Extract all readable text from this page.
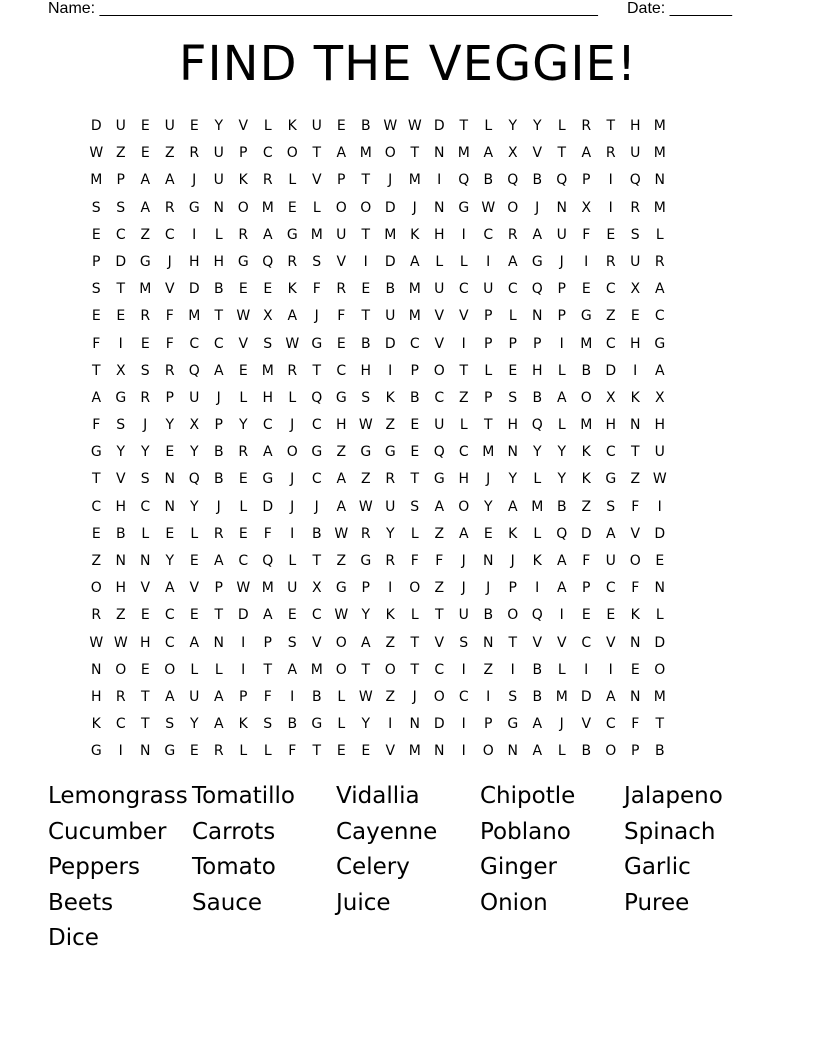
Name: ________________________________________________________ Date: _______
FIND THE VEGGIE!
D U	E	U	E	Y	V	L	K	U	E	B W W D	T	L	Y	Y	L	R	T	H M
W Z	E	Z	R	U	P	C	O	T	A M O	T	N M A	X	V	T	A	R	U M
M	P	A	A	J	U	K	R	L	V	P	T	J	M	I	Q	B	Q	B	Q	P	I	Q N
S	S	A	R	G N O M	E	L	O O D	J	N G W O	J	N	X	I	R M
E	C	Z	C	I	L	R	A	G M U	T	M K	H	I	C	R	A	U	F	E	S	L
P	D G	J	H H G Q	R	S	V	I	D	A	L	L	I	A	G	J	I	R	U	R
S	T	M V	D	B	E	E	K	F	R	E	B M U	C	U	C	Q	P	E	C	X	A
E	E	R	F	M	T W X	A	J	F	T	U M V	V	P	L	N	P	G	Z	E	C
F	I	E	F	C	C	V	S W G	E	B	D	C	V	I	P	P	P	I	M C	H G
T	X	S	R	Q	A	E	M R	T	C	H	I	P	O	T	L	E	H	L	B	D	I	A
A	G	R	P	U	J	L	H	L	Q G	S	K	B	C	Z	P	S	B	A	O	X	K	X
F	S	J	Y	X	P	Y	C	J	C	H W Z	E	U	L	T	H Q	L	M H N	H
G	Y	Y	E	Y	B	R	A	O G	Z	G G	E	Q	C M N	Y	Y	K	C	T	U
T	V	S	N Q	B	E	G	J	C	A	Z	R	T	G H	J	Y	L	Y	K	G	Z W
C	H	C	N	Y	J	L	D	J	J	A W U	S	A	O	Y	A M B	Z	S	F	I
E	B	L	E	L	R	E	F	I	B W R	Y	L	Z	A	E	K	L	Q D	A	V	D
Z	N	N	Y	E	A	C	Q	L	T	Z	G	R	F	F	J	N	J	K	A	F	U O	E
O H	V	A	V	P W M U	X	G	P	I	O	Z	J	J	P	I	A	P	C	F	N
R	Z	E	C	E	T	D	A	E	C W Y	K	L	T	U	B	O Q	I	E	E	K	L
W W H	C	A	N	I	P	S	V	O	A	Z	T	V	S	N	T	V	V	C	V	N D
N O	E	O	L	L	I	T	A M O	T	O	T	C	I	Z	I	B	L	I	I	E	O
H	R	T	A	U	A	P	F	I	B	L W Z	J	O	C	I	S	B M D	A	N M
K	C	T	S	Y	A	K	S	B	G	L	Y	I	N D	I	P	G	A	J	V	C	F	T
G	I	N G	E	R	L	L	F	T	E	E	V M N	I	O N	A	L	B	O	P	B
Lemongrass Tomatillo	Vidallia	Chipotle	Jalapeno
Cucumber	Carrots	Cayenne	Poblano	Spinach
Peppers	Tomato	Celery	Ginger	Garlic
Beets	Sauce	Juice	Onion	Puree
Dice
